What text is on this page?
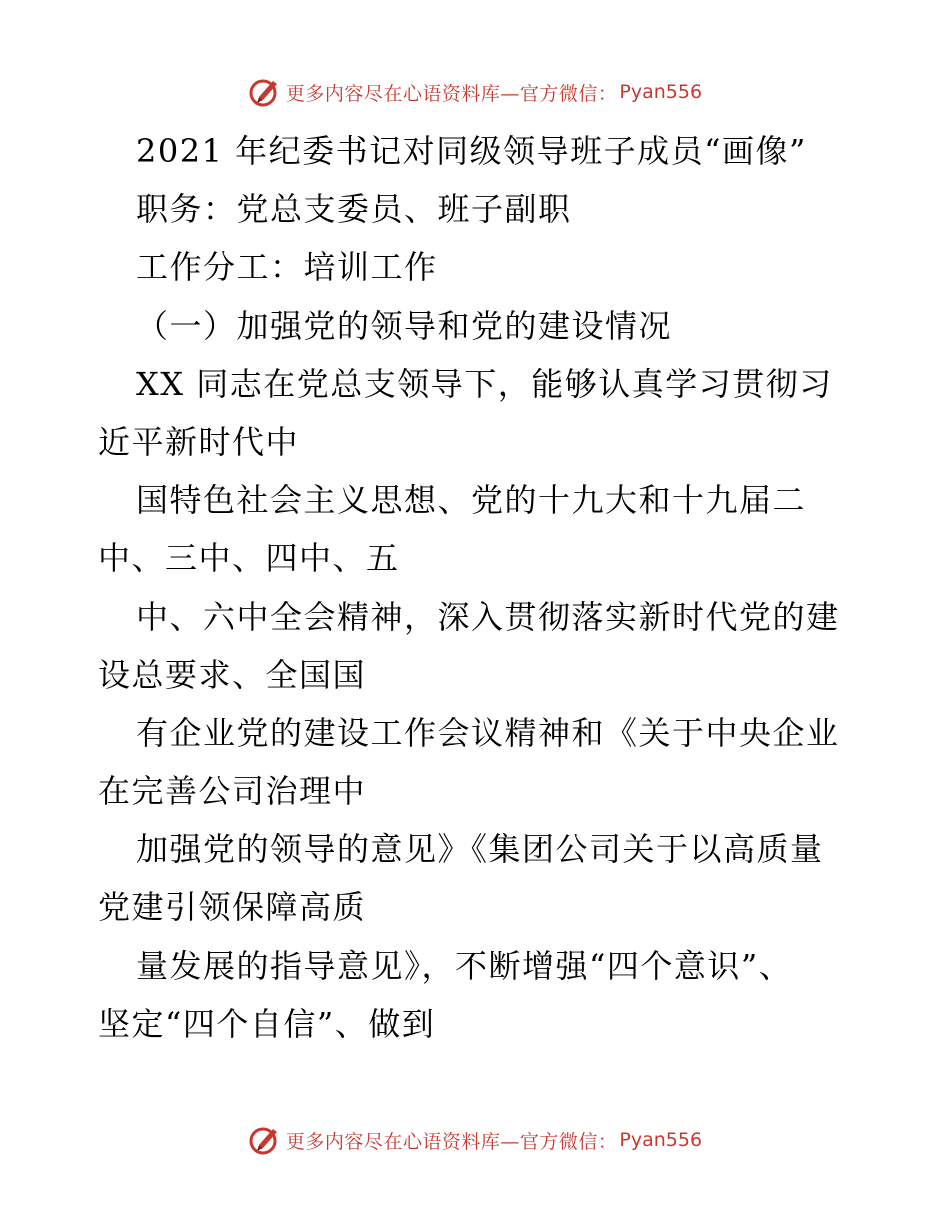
更多内容尽在心语资料库—官方微信： Pyan556
2021 年纪委书记对同级领导班子成员“画像”
职务：党总支委员、班子副职
工作分工：培训工作
（一）加强党的领导和党的建设情况
XX 同志在党总支领导下，能够认真学习贯彻习
近平新时代中
国特色社会主义思想、党的十九大和十九届二
中、三中、四中、五
中、六中全会精神，深入贯彻落实新时代党的建
设总要求、全国国
有企业党的建设工作会议精神和《关于中央企业
在完善公司治理中
加强党的领导的意见》《集团公司关于以高质量
党建引领保障高质
量发展的指导意见》，不断增强“四个意识”、
坚定“四个自信”、做到
更多内容尽在心语资料库—官方微信： Pyan556
